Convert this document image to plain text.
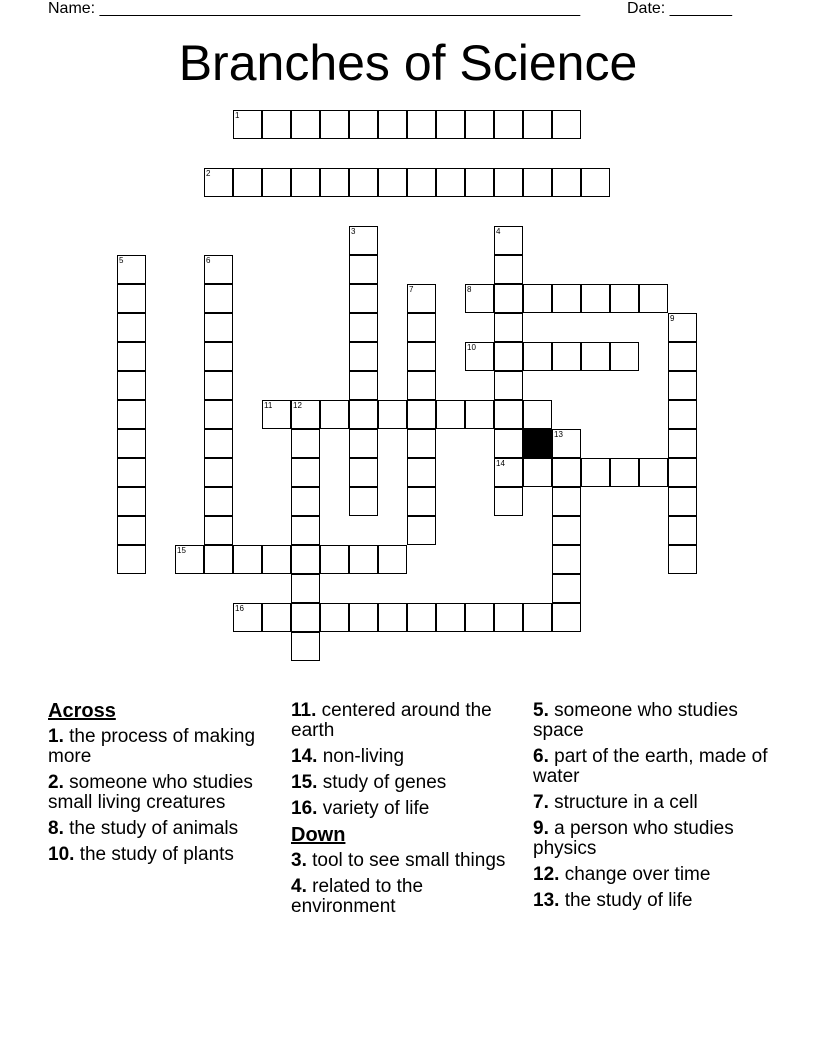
Name: ______________________________________________________	Date: _______
Branches of Science
1
2
3	4
5	6
7	8
9
10
11	12
13
14
15
16
Across
1. the process of making more
2. someone who studies small living creatures
8. the study of animals
10. the study of plants
11. centered around the earth
14. non-living
15. study of genes
16. variety of life
Down
3. tool to see small things
4. related to the environment
5. someone who studies space
6. part of the earth, made of water
7. structure in a cell
9. a person who studies physics
12. change over time
13. the study of life
